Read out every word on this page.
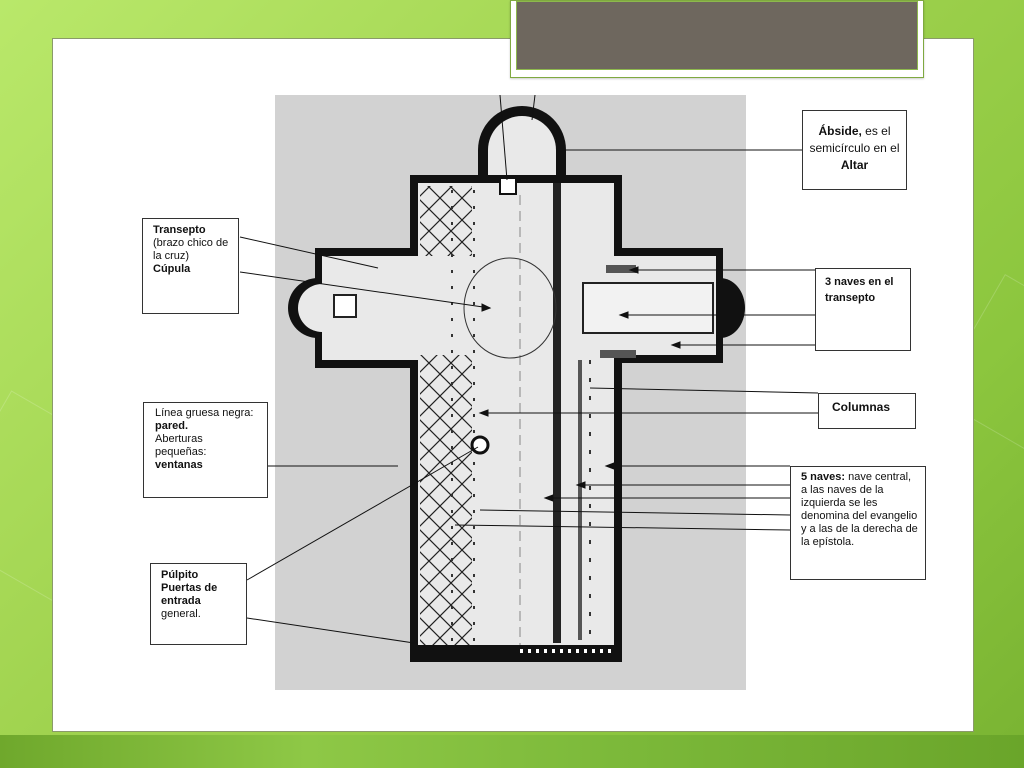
Ábside, es el semicírculo en el Altar
Transepto

(brazo chico de la cruz)
Cúpula
3 naves en el transepto
Columnas
Línea gruesa negra: pared.

Aberturas pequeñas:
ventanas
5 naves: nave central, a las naves de la izquierda se les denomina del evangelio y a las de la derecha de la epístola.
Púlpito

Puertas de entrada
general.
